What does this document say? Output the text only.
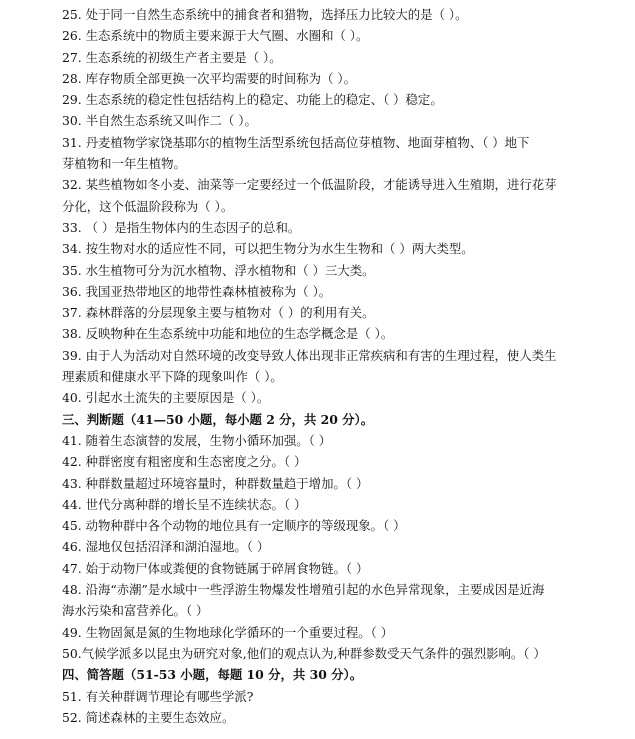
25. 处于同一自然生态系统中的捕食者和猎物，选择压力比较大的是（ ）。
26. 生态系统中的物质主要来源于大气圈、水圈和（ ）。
27. 生态系统的初级生产者主要是（ ）。
28. 库存物质全部更换一次平均需要的时间称为（ ）。
29. 生态系统的稳定性包括结构上的稳定、功能上的稳定、（ ）稳定。
30. 半自然生态系统又叫作二（ ）。
31. 丹麦植物学家饶基耶尔的植物生活型系统包括高位芽植物、地面芽植物、（ ）地下
芽植物和一年生植物。
32. 某些植物如冬小麦、油菜等一定要经过一个低温阶段，才能诱导进入生殖期，进行花芽
分化，这个低温阶段称为（ ）。
33. （ ）是指生物体内的生态因子的总和。
34. 按生物对水的适应性不同，可以把生物分为水生生物和（ ）两大类型。
35. 水生植物可分为沉水植物、浮水植物和（ ）三大类。
36. 我国亚热带地区的地带性森林植被称为（ ）。
37. 森林群落的分层现象主要与植物对（ ）的利用有关。
38. 反映物种在生态系统中功能和地位的生态学概念是（ ）。
39. 由于人为活动对自然环境的改变导致人体出现非正常疾病和有害的生理过程，使人类生
理素质和健康水平下降的现象叫作（ ）。
40. 引起水土流失的主要原因是（ ）。
三、判断题（41—50 小题，每小题 2 分，共 20 分）。
41. 随着生态演替的发展，生物小循环加强。（ ）
42. 种群密度有粗密度和生态密度之分。（ ）
43. 种群数量超过环境容量时，种群数量趋于增加。（ ）
44. 世代分离种群的增长呈不连续状态。（ ）
45. 动物种群中各个动物的地位具有一定顺序的等级现象。（ ）
46. 湿地仅包括沼泽和湖泊湿地。（ ）
47. 始于动物尸体或粪便的食物链属于碎屑食物链。（ ）
48. 沿海“赤潮”是水域中一些浮游生物爆发性增殖引起的水色异常现象，主要成因是近海
海水污染和富营养化。（ ）
49. 生物固氮是氮的生物地球化学循环的一个重要过程。（ ）
50.气候学派多以昆虫为研究对象,他们的观点认为,种群参数受天气条件的强烈影响。（ ）
四、简答题（51-53 小题，每题 10 分，共 30 分）。
51. 有关种群调节理论有哪些学派?
52. 简述森林的主要生态效应。
